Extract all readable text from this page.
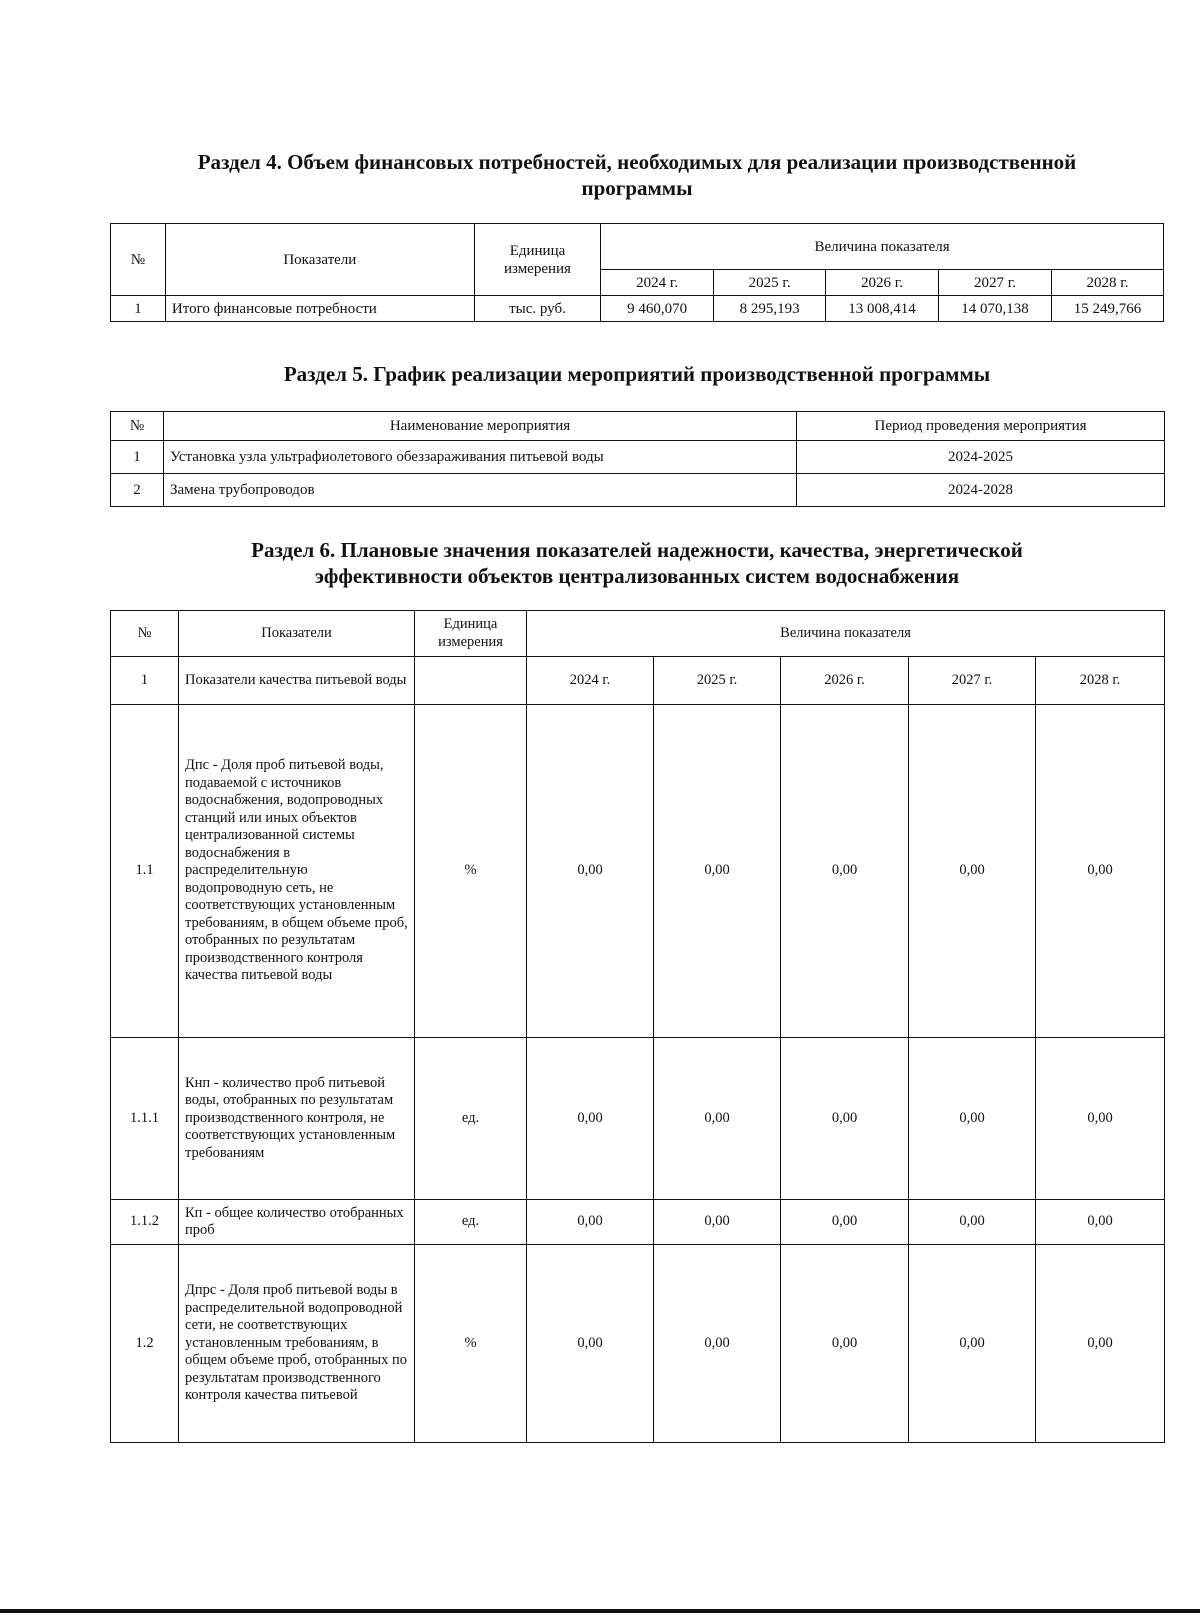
Раздел 4. Объем финансовых потребностей, необходимых для реализации производственной
программы
№	Показатели	Единица измерения	Величина показателя				
			2024 г.	2025 г.	2026 г.	2027 г.	2028 г.
1	Итого финансовые потребности	тыс. руб.	9 460,070	8 295,193	13 008,414	14 070,138	15 249,766
Раздел 5. График реализации мероприятий производственной программы
№	Наименование мероприятия	Период проведения мероприятия
1	Установка узла ультрафиолетового обеззараживания питьевой воды	2024-2025
2	Замена трубопроводов	2024-2028
Раздел 6. Плановые значения показателей надежности, качества, энергетической
эффективности объектов централизованных систем водоснабжения
№	Показатели	Единица измерения	Величина показателя				
1	Показатели качества питьевой воды		2024 г.	2025 г.	2026 г.	2027 г.	2028 г.
1.1	Дпс - Доля проб питьевой воды, подаваемой с источников водоснабжения, водопроводных станций или иных объектов централизованной системы водоснабжения в распределительную водопроводную сеть, не соответствующих установленным требованиям, в общем объеме проб, отобранных по результатам производственного контроля качества питьевой воды	%	0,00	0,00	0,00	0,00	0,00
1.1.1	Кнп - количество проб питьевой воды, отобранных по результатам производственного контроля, не соответствующих установленным требованиям	ед.	0,00	0,00	0,00	0,00	0,00
1.1.2	Кп - общее количество отобранных проб	ед.	0,00	0,00	0,00	0,00	0,00
1.2	Дпрс - Доля проб питьевой воды в распределительной водопроводной сети, не соответствующих установленным требованиям, в общем объеме проб, отобранных по результатам производственного контроля качества питьевой	%	0,00	0,00	0,00	0,00	0,00
